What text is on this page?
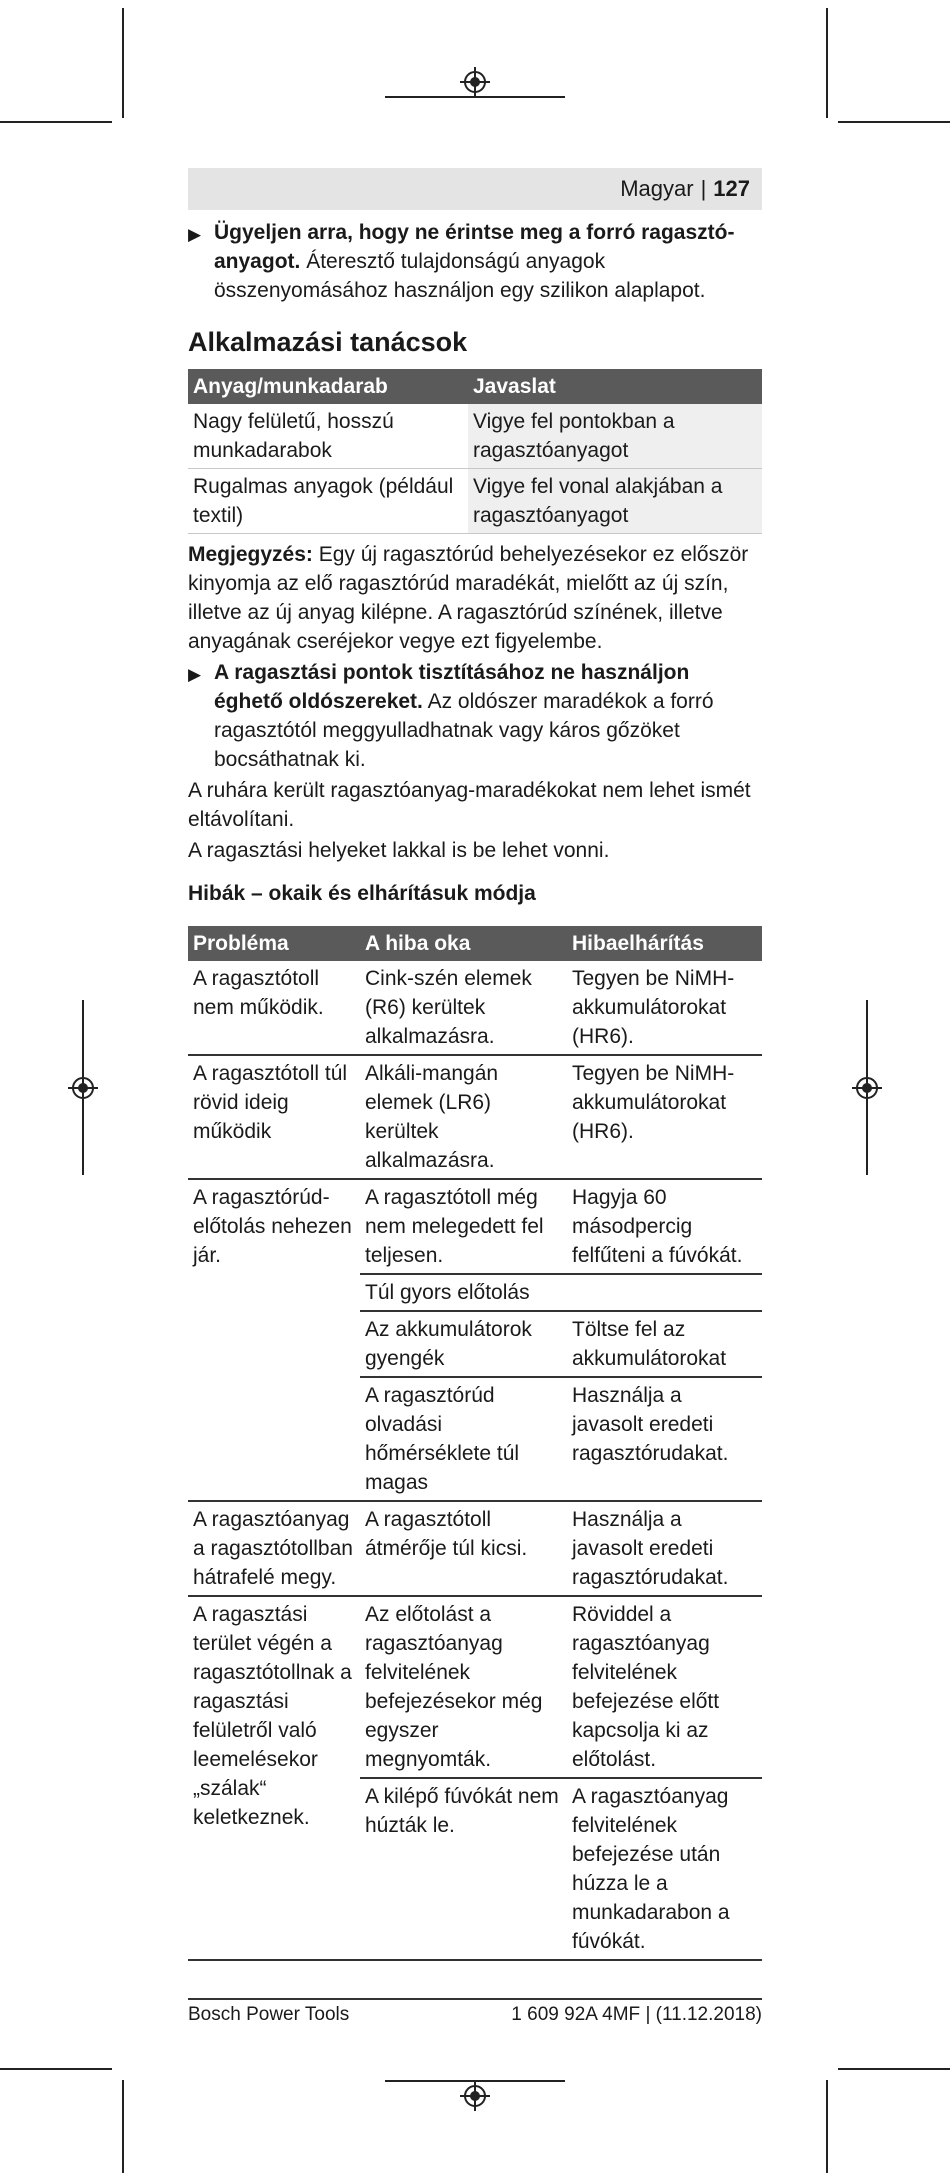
Magyar | 127

▶ Ügyeljen arra, hogy ne érintse meg a forró ragasztó-anyagot. Áteresztő tulajdonságú anyagok összenyomásához használjon egy szilikon alaplapot.

Alkalmazási tanácsok
Anyag/munkadarab	Javaslat
Nagy felületű, hosszú munkadarabok	Vigye fel pontokban a ragasztóanyagot
Rugalmas anyagok (például textil)	Vigye fel vonal alakjában a ragasztóanyagot

Megjegyzés: Egy új ragasztórúd behelyezésekor ez először kinyomja az elő ragasztórúd maradékát, mielőtt az új szín, illetve az új anyag kilépne. A ragasztórúd színének, illetve anyagának cseréjekor vegye ezt figyelembe.

▶ A ragasztási pontok tisztításához ne használjon éghető oldószereket. Az oldószer maradékok a forró ragasztótól meggyulladhatnak vagy káros gőzöket bocsáthatnak ki.

A ruhára került ragasztóanyag-maradékokat nem lehet ismét eltávolítani.

A ragasztási helyeket lakkal is be lehet vonni.

Hibák – okaik és elhárításuk módja
Probléma	A hiba oka	Hibaelhárítás
A ragasztótoll nem működik.	Cink-szén elemek (R6) kerültek alkalmazásra.	Tegyen be NiMH-akkumulátorokat (HR6).
A ragasztótoll túl rövid ideig működik	Alkáli-mangán elemek (LR6) kerültek alkalmazásra.	Tegyen be NiMH-akkumulátorokat (HR6).
A ragasztórúd-előtolás nehezen jár.	A ragasztótoll még nem melegedett fel teljesen.	Hagyja 60 másodpercig felfűteni a fúvókát.
	Túl gyors előtolás	
	Az akkumulátorok gyengék	Töltse fel az akkumulátorokat
	A ragasztórúd olvadási hőmérséklete túl magas	Használja a javasolt eredeti ragasztórudakat.
A ragasztóanyag a ragasztótollban hátrafelé megy.	A ragasztótoll átmérője túl kicsi.	Használja a javasolt eredeti ragasztórudakat.
A ragasztási terület végén a ragasztótollnak a ragasztási felületről való leemelésekor „szálak“ keletkeznek.	Az előtolást a ragasztóanyag felvitelének befejezésekor még egyszer megnyomták.	Röviddel a ragasztóanyag felvitelének befejezése előtt kapcsolja ki az előtolást.
	A kilépő fúvókát nem húzták le.	A ragasztóanyag felvitelének befejezése után húzza le a munkadarabon a fúvókát.
Bosch Power Tools	1 609 92A 4MF | (11.12.2018)
